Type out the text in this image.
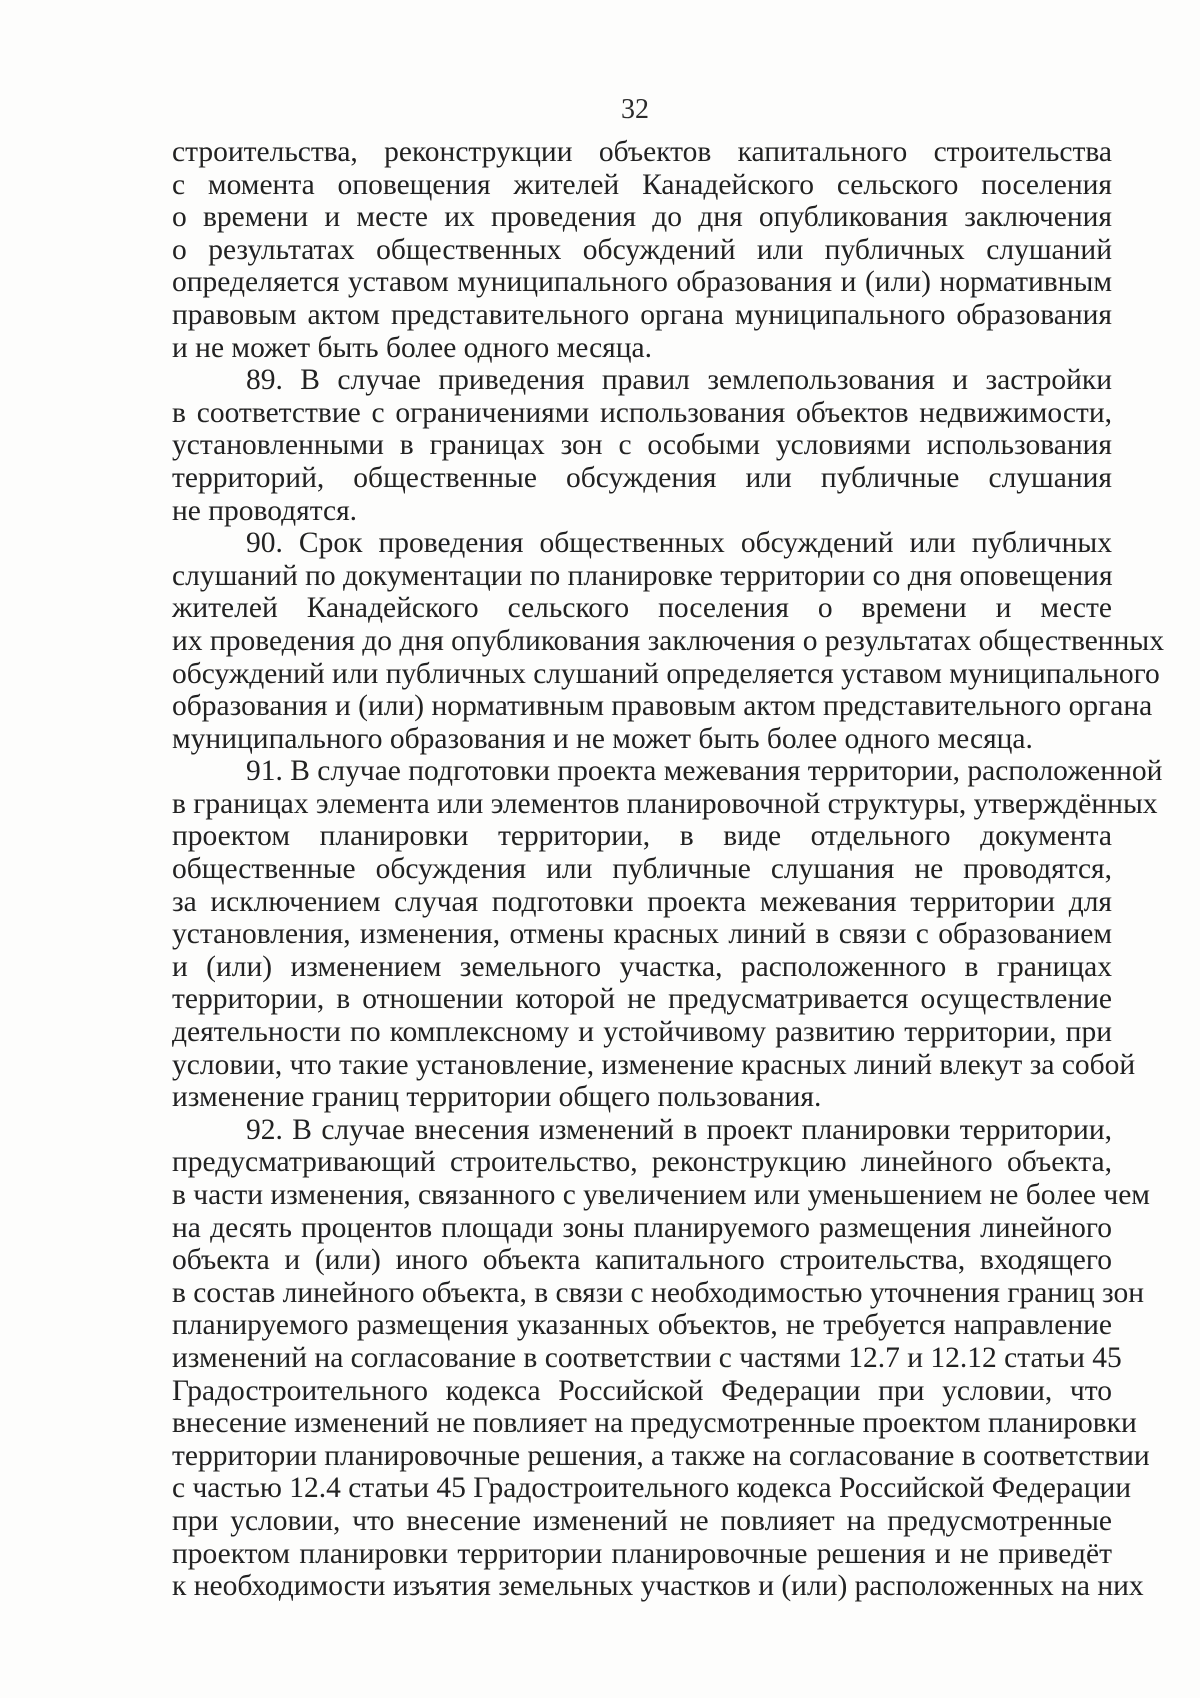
32

строительства, реконструкции объектов капитального строительства
с момента оповещения жителей Канадейского сельского поселения
о времени и месте их проведения до дня опубликования заключения
о результатах общественных обсуждений или публичных слушаний
определяется уставом муниципального образования и (или) нормативным
правовым актом представительного органа муниципального образования
и не может быть более одного месяца.
89. В случае приведения правил землепользования и застройки
в соответствие с ограничениями использования объектов недвижимости,
установленными в границах зон с особыми условиями использования
территорий, общественные обсуждения или публичные слушания
не проводятся.
90. Срок проведения общественных обсуждений или публичных
слушаний по документации по планировке территории со дня оповещения
жителей Канадейского сельского поселения о времени и месте
их проведения до дня опубликования заключения о результатах общественных
обсуждений или публичных слушаний определяется уставом муниципального
образования и (или) нормативным правовым актом представительного органа
муниципального образования и не может быть более одного месяца.
91. В случае подготовки проекта межевания территории, расположенной
в границах элемента или элементов планировочной структуры, утверждённых
проектом планировки территории, в виде отдельного документа
общественные обсуждения или публичные слушания не проводятся,
за исключением случая подготовки проекта межевания территории для
установления, изменения, отмены красных линий в связи с образованием
и (или) изменением земельного участка, расположенного в границах
территории, в отношении которой не предусматривается осуществление
деятельности по комплексному и устойчивому развитию территории, при
условии, что такие установление, изменение красных линий влекут за собой
изменение границ территории общего пользования.
92. В случае внесения изменений в проект планировки территории,
предусматривающий строительство, реконструкцию линейного объекта,
в части изменения, связанного с увеличением или уменьшением не более чем
на десять процентов площади зоны планируемого размещения линейного
объекта и (или) иного объекта капитального строительства, входящего
в состав линейного объекта, в связи с необходимостью уточнения границ зон
планируемого размещения указанных объектов, не требуется направление
изменений на согласование в соответствии с частями 12.7 и 12.12 статьи 45
Градостроительного кодекса Российской Федерации при условии, что
внесение изменений не повлияет на предусмотренные проектом планировки
территории планировочные решения, а также на согласование в соответствии
с частью 12.4 статьи 45 Градостроительного кодекса Российской Федерации
при условии, что внесение изменений не повлияет на предусмотренные
проектом планировки территории планировочные решения и не приведёт
к необходимости изъятия земельных участков и (или) расположенных на них
